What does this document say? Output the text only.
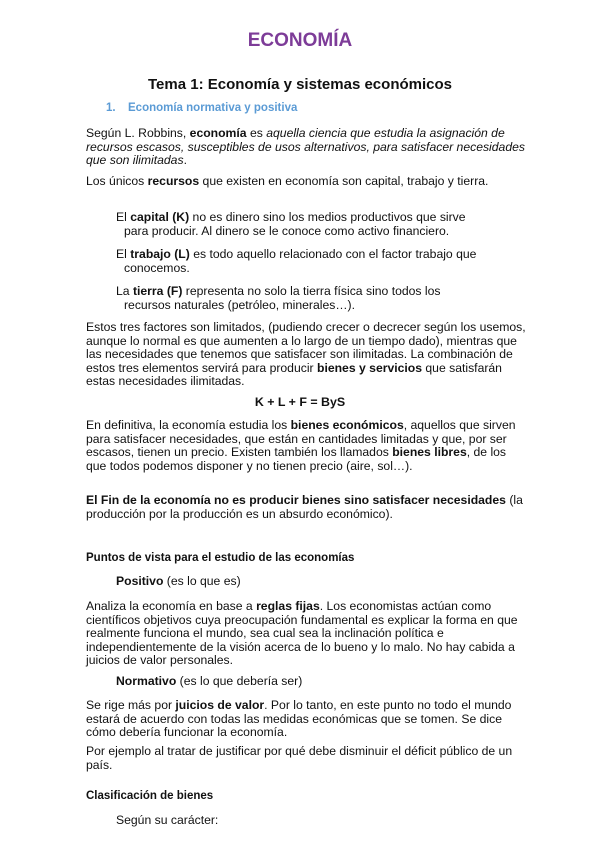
ECONOMÍA
Tema 1: Economía y sistemas económicos

1. Economía normativa y positiva

Según L. Robbins, economía es aquella ciencia que estudia la asignación de recursos escasos, susceptibles de usos alternativos, para satisfacer necesidades que son ilimitadas.

Los únicos recursos que existen en economía son capital, trabajo y tierra.

El capital (K) no es dinero sino los medios productivos que sirve
para producir. Al dinero se le conoce como activo financiero.

El trabajo (L) es todo aquello relacionado con el factor trabajo que
conocemos.

La tierra (F) representa no solo la tierra física sino todos los
recursos naturales (petróleo, minerales…).

Estos tres factores son limitados, (pudiendo crecer o decrecer según los usemos, aunque lo normal es que aumenten a lo largo de un tiempo dado), mientras que las necesidades que tenemos que satisfacer son ilimitadas. La combinación de estos tres elementos servirá para producir bienes y servicios que satisfarán estas necesidades ilimitadas.

K + L + F = ByS

En definitiva, la economía estudia los bienes económicos, aquellos que sirven para satisfacer necesidades, que están en cantidades limitadas y que, por ser escasos, tienen un precio. Existen también los llamados bienes libres, de los que todos podemos disponer y no tienen precio (aire, sol…).

El Fin de la economía no es producir bienes sino satisfacer necesidades (la producción por la producción es un absurdo económico).

Puntos de vista para el estudio de las economías

Positivo (es lo que es)

Analiza la economía en base a reglas fijas. Los economistas actúan como científicos objetivos cuya preocupación fundamental es explicar la forma en que realmente funciona el mundo, sea cual sea la inclinación política e independientemente de la visión acerca de lo bueno y lo malo. No hay cabida a juicios de valor personales.

Normativo (es lo que debería ser)

Se rige más por juicios de valor. Por lo tanto, en este punto no todo el mundo estará de acuerdo con todas las medidas económicas que se tomen. Se dice cómo debería funcionar la economía.

Por ejemplo al tratar de justificar por qué debe disminuir el déficit público de un país.

Clasificación de bienes

Según su carácter:
